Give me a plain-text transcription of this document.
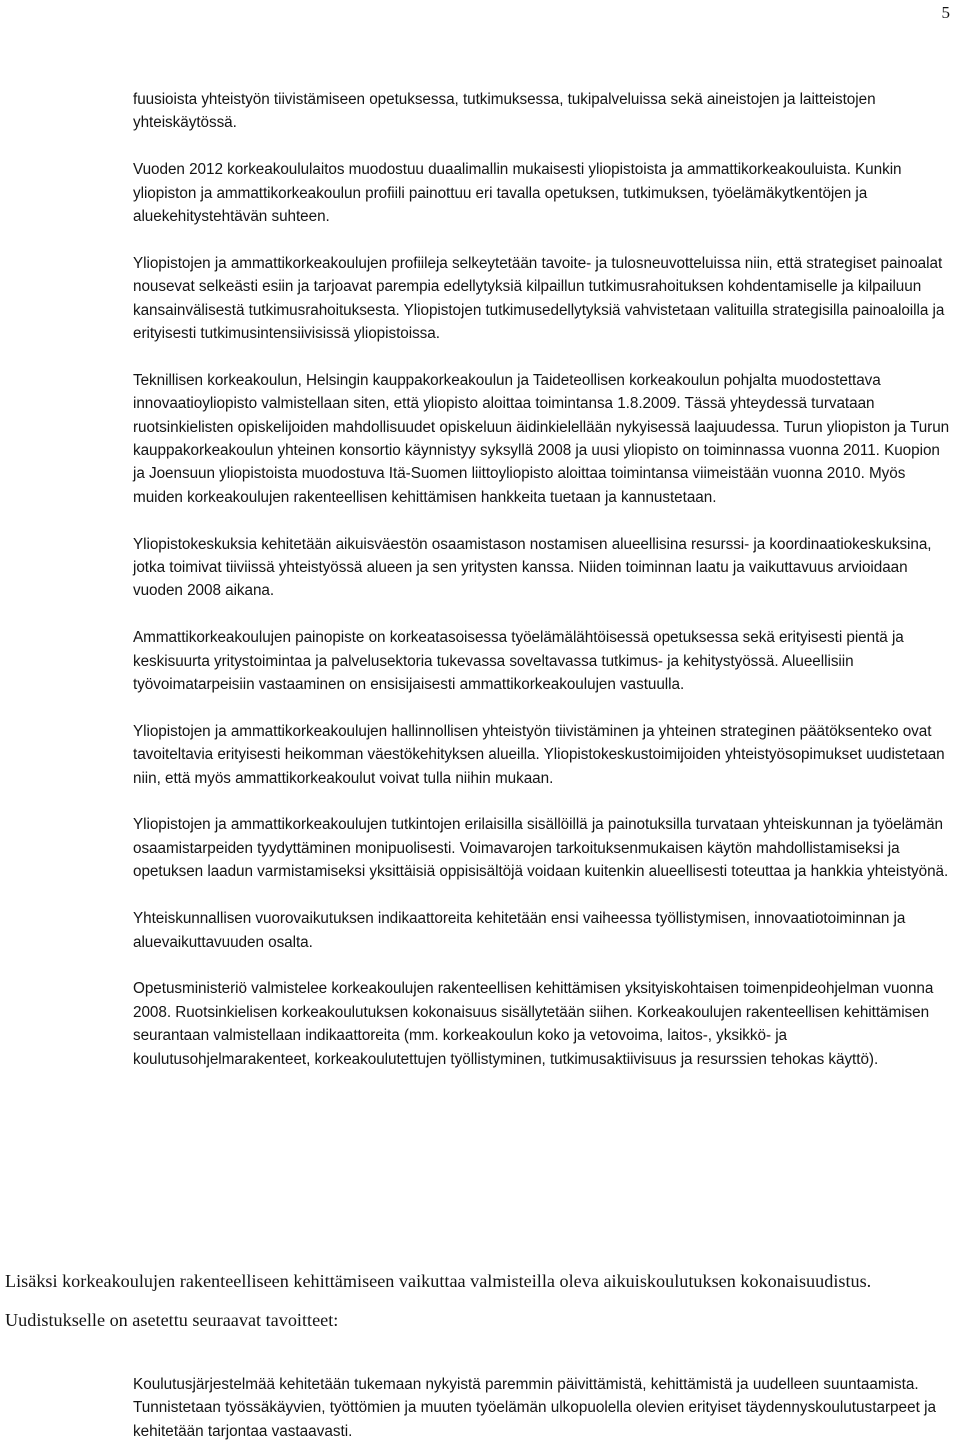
5

fuusioista yhteistyön tiivistämiseen opetuksessa, tutkimuksessa, tukipalveluissa sekä aineistojen ja laitteistojen yhteiskäytössä.

Vuoden 2012 korkeakoululaitos muodostuu duaalimallin mukaisesti yliopistoista ja ammattikorkeakouluista. Kunkin yliopiston ja ammattikorkeakoulun profiili painottuu eri tavalla opetuksen, tutkimuksen, työelämäkytkentöjen ja aluekehitystehtävän suhteen.

Yliopistojen ja ammattikorkeakoulujen profiileja selkeytetään tavoite- ja tulosneuvotteluissa niin, että strategiset painoalat nousevat selkeästi esiin ja tarjoavat parempia edellytyksiä kilpaillun tutkimusrahoituksen kohdentamiselle ja kilpailuun kansainvälisestä tutkimusrahoituksesta. Yliopistojen tutkimusedellytyksiä vahvistetaan valituilla strategisilla painoaloilla ja erityisesti tutkimusintensiivisissä yliopistoissa.

Teknillisen korkeakoulun, Helsingin kauppakorkeakoulun ja Taideteollisen korkeakoulun pohjalta muodostettava innovaatioyliopisto valmistellaan siten, että yliopisto aloittaa toimintansa 1.8.2009. Tässä yhteydessä turvataan ruotsinkielisten opiskelijoiden mahdollisuudet opiskeluun äidinkielellään nykyisessä laajuudessa. Turun yliopiston ja Turun kauppakorkeakoulun yhteinen konsortio käynnistyy syksyllä 2008 ja uusi yliopisto on toiminnassa vuonna 2011. Kuopion ja Joensuun yliopistoista muodostuva Itä-Suomen liittoyliopisto aloittaa toimintansa viimeistään vuonna 2010. Myös muiden korkeakoulujen rakenteellisen kehittämisen hankkeita tuetaan ja kannustetaan.

Yliopistokeskuksia kehitetään aikuisväestön osaamistason nostamisen alueellisina resurssi- ja koordinaatiokeskuksina, jotka toimivat tiiviissä yhteistyössä alueen ja sen yritysten kanssa. Niiden toiminnan laatu ja vaikuttavuus arvioidaan vuoden 2008 aikana.

Ammattikorkeakoulujen painopiste on korkeatasoisessa työelämälähtöisessä opetuksessa sekä erityisesti pientä ja keskisuurta yritystoimintaa ja palvelusektoria tukevassa soveltavassa tutkimus- ja kehitystyössä. Alueellisiin työvoimatarpeisiin vastaaminen on ensisijaisesti ammattikorkeakoulujen vastuulla.

Yliopistojen ja ammattikorkeakoulujen hallinnollisen yhteistyön tiivistäminen ja yhteinen strateginen päätöksenteko ovat tavoiteltavia erityisesti heikomman väestökehityksen alueilla. Yliopistokeskustoimijoiden yhteistyösopimukset uudistetaan niin, että myös ammattikorkeakoulut voivat tulla niihin mukaan.

Yliopistojen ja ammattikorkeakoulujen tutkintojen erilaisilla sisällöillä ja painotuksilla turvataan yhteiskunnan ja työelämän osaamistarpeiden tyydyttäminen monipuolisesti. Voimavarojen tarkoituksenmukaisen käytön mahdollistamiseksi ja opetuksen laadun varmistamiseksi yksittäisiä oppisisältöjä voidaan kuitenkin alueellisesti toteuttaa ja hankkia yhteistyönä.

Yhteiskunnallisen vuorovaikutuksen indikaattoreita kehitetään ensi vaiheessa työllistymisen, innovaatiotoiminnan ja aluevaikuttavuuden osalta.

Opetusministeriö valmistelee korkeakoulujen rakenteellisen kehittämisen yksityiskohtaisen toimenpideohjelman vuonna 2008. Ruotsinkielisen korkeakoulutuksen kokonaisuus sisällytetään siihen. Korkeakoulujen rakenteellisen kehittämisen seurantaan valmistellaan indikaattoreita (mm. korkeakoulun koko ja vetovoima, laitos-, yksikkö- ja koulutusohjelmarakenteet, korkeakoulutettujen työllistyminen, tutkimusaktiivisuus ja resurssien tehokas käyttö).

Lisäksi korkeakoulujen rakenteelliseen kehittämiseen vaikuttaa valmisteilla oleva aikuiskoulutuksen kokonaisuudistus. Uudistukselle on asetettu seuraavat tavoitteet:

Koulutusjärjestelmää kehitetään tukemaan nykyistä paremmin päivittämistä, kehittämistä ja uudelleen suuntaamista. Tunnistetaan työssäkäyvien, työttömien ja muuten työelämän ulkopuolella olevien erityiset täydennyskoulutustarpeet ja kehitetään tarjontaa vastaavasti.
